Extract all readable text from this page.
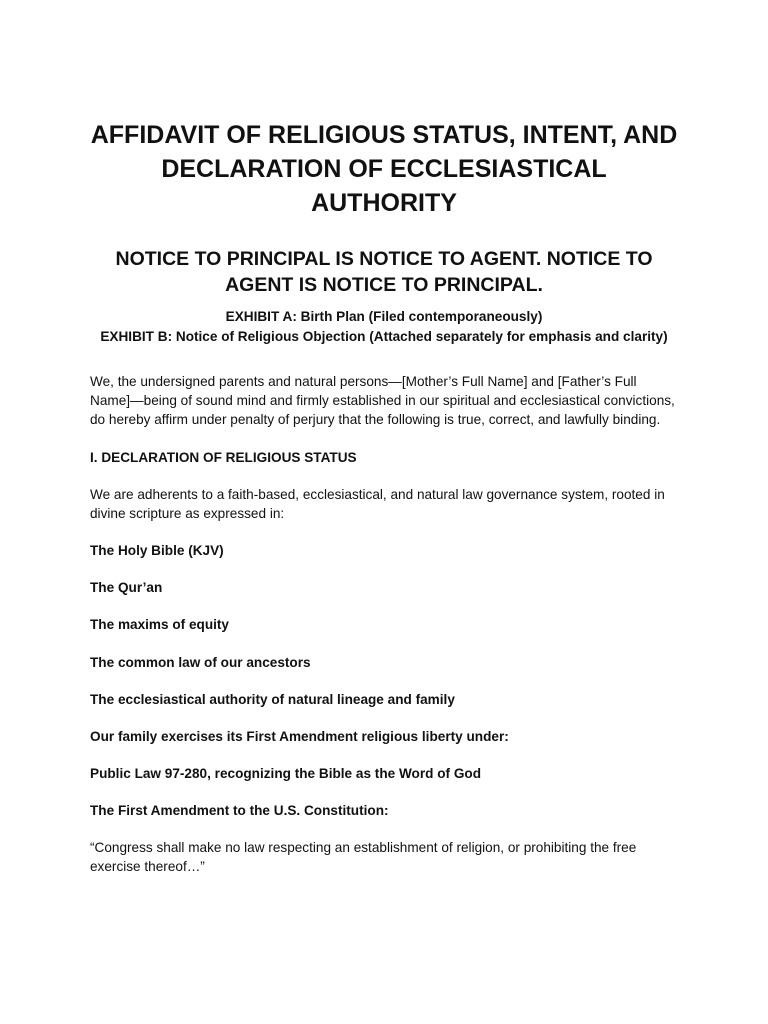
AFFIDAVIT OF RELIGIOUS STATUS, INTENT, AND DECLARATION OF ECCLESIASTICAL AUTHORITY
NOTICE TO PRINCIPAL IS NOTICE TO AGENT. NOTICE TO AGENT IS NOTICE TO PRINCIPAL.
EXHIBIT A: Birth Plan (Filed contemporaneously)
EXHIBIT B: Notice of Religious Objection (Attached separately for emphasis and clarity)

We, the undersigned parents and natural persons—[Mother’s Full Name] and [Father’s Full Name]—being of sound mind and firmly established in our spiritual and ecclesiastical convictions, do hereby affirm under penalty of perjury that the following is true, correct, and lawfully binding.

I. DECLARATION OF RELIGIOUS STATUS

We are adherents to a faith-based, ecclesiastical, and natural law governance system, rooted in divine scripture as expressed in:

The Holy Bible (KJV)

The Qur’an

The maxims of equity

The common law of our ancestors

The ecclesiastical authority of natural lineage and family

Our family exercises its First Amendment religious liberty under:

Public Law 97-280, recognizing the Bible as the Word of God

The First Amendment to the U.S. Constitution:

“Congress shall make no law respecting an establishment of religion, or prohibiting the free exercise thereof…”
